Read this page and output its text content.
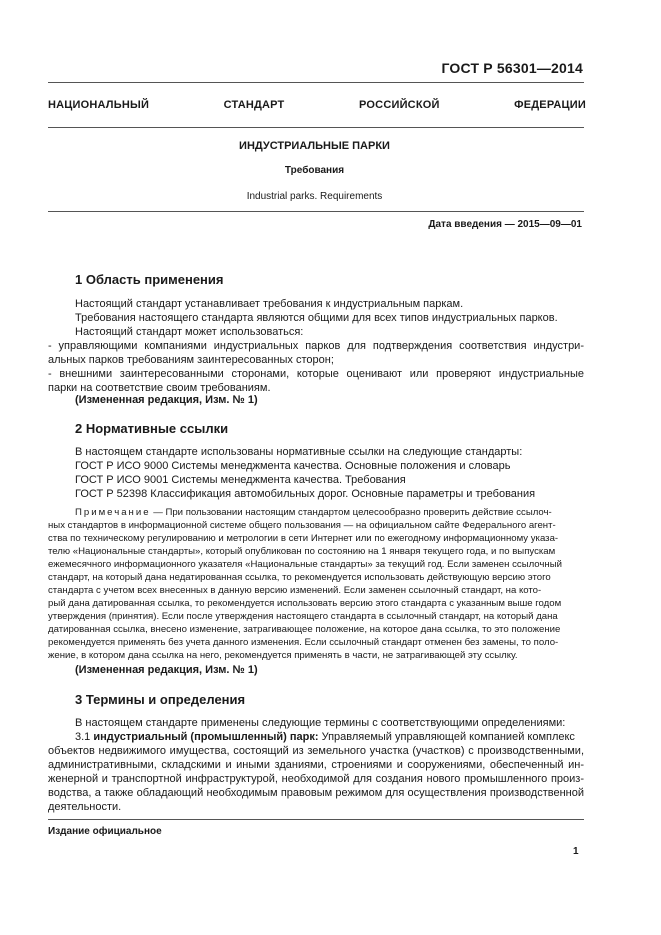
ГОСТ Р 56301—2014
НАЦИОНАЛЬНЫЙ СТАНДАРТ РОССИЙСКОЙ ФЕДЕРАЦИИ
ИНДУСТРИАЛЬНЫЕ ПАРКИ
Требования
Industrial parks. Requirements
Дата введения — 2015—09—01
1 Область применения
Настоящий стандарт устанавливает требования к индустриальным паркам.
Требования настоящего стандарта являются общими для всех типов индустриальных парков.
Настоящий стандарт может использоваться:
- управляющими компаниями индустриальных парков для подтверждения соответствия индустри-
альных парков требованиям заинтересованных сторон;
- внешними заинтересованными сторонами, которые оценивают или проверяют индустриальные
парки на соответствие своим требованиям.
(Измененная редакция, Изм. № 1)
2 Нормативные ссылки
В настоящем стандарте использованы нормативные ссылки на следующие стандарты:
ГОСТ Р ИСО 9000 Системы менеджмента качества. Основные положения и словарь
ГОСТ Р ИСО 9001 Системы менеджмента качества. Требования
ГОСТ Р 52398 Классификация автомобильных дорог. Основные параметры и требования
Примечание — При пользовании настоящим стандартом целесообразно проверить действие ссылоч-
ных стандартов в информационной системе общего пользования — на официальном сайте Федерального агент-
ства по техническому регулированию и метрологии в сети Интернет или по ежегодному информационному указа-
телю «Национальные стандарты», который опубликован по состоянию на 1 января текущего года, и по выпускам
ежемесячного информационного указателя «Национальные стандарты» за текущий год. Если заменен ссылочный
стандарт, на который дана недатированная ссылка, то рекомендуется использовать действующую версию этого
стандарта с учетом всех внесенных в данную версию изменений. Если заменен ссылочный стандарт, на кото-
рый дана датированная ссылка, то рекомендуется использовать версию этого стандарта с указанным выше годом
утверждения (принятия). Если после утверждения настоящего стандарта в ссылочный стандарт, на который дана
датированная ссылка, внесено изменение, затрагивающее положение, на которое дана ссылка, то это положение
рекомендуется применять без учета данного изменения. Если ссылочный стандарт отменен без замены, то поло-
жение, в котором дана ссылка на него, рекомендуется применять в части, не затрагивающей эту ссылку.
(Измененная редакция, Изм. № 1)
3 Термины и определения
В настоящем стандарте применены следующие термины с соответствующими определениями:
3.1 индустриальный (промышленный) парк: Управляемый управляющей компанией комплекс
объектов недвижимого имущества, состоящий из земельного участка (участков) с производственными,
административными, складскими и иными зданиями, строениями и сооружениями, обеспеченный ин-
женерной и транспортной инфраструктурой, необходимой для создания нового промышленного произ-
водства, а также обладающий необходимым правовым режимом для осуществления производственной
деятельности.
Издание официальное
1
